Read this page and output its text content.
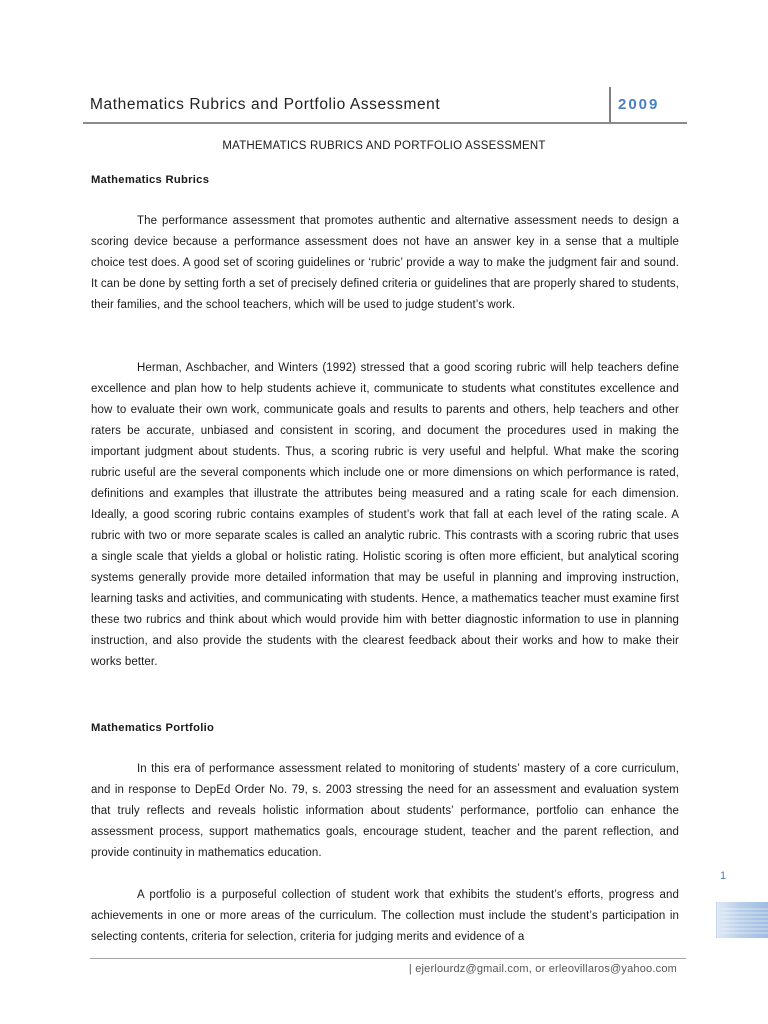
Mathematics Rubrics and Portfolio Assessment	2009
MATHEMATICS RUBRICS AND PORTFOLIO ASSESSMENT
Mathematics Rubrics

The performance assessment that promotes authentic and alternative assessment needs to design a scoring device because a performance assessment does not have an answer key in a sense that a multiple choice test does. A good set of scoring guidelines or ‘rubric’ provide a way to make the judgment fair and sound. It can be done by setting forth a set of precisely defined criteria or guidelines that are properly shared to students, their families, and the school teachers, which will be used to judge student’s work.

Herman, Aschbacher, and Winters (1992) stressed that a good scoring rubric will help teachers define excellence and plan how to help students achieve it, communicate to students what constitutes excellence and how to evaluate their own work, communicate goals and results to parents and others, help teachers and other raters be accurate, unbiased and consistent in scoring, and document the procedures used in making the important judgment about students. Thus, a scoring rubric is very useful and helpful. What make the scoring rubric useful are the several components which include one or more dimensions on which performance is rated, definitions and examples that illustrate the attributes being measured and a rating scale for each dimension. Ideally, a good scoring rubric contains examples of student’s work that fall at each level of the rating scale. A rubric with two or more separate scales is called an analytic rubric. This contrasts with a scoring rubric that uses a single scale that yields a global or holistic rating. Holistic scoring is often more efficient, but analytical scoring systems generally provide more detailed information that may be useful in planning and improving instruction, learning tasks and activities, and communicating with students. Hence, a mathematics teacher must examine first these two rubrics and think about which would provide him with better diagnostic information to use in planning instruction, and also provide the students with the clearest feedback about their works and how to make their works better.

Mathematics Portfolio

In this era of performance assessment related to monitoring of students’ mastery of a core curriculum, and in response to DepEd Order No. 79, s. 2003 stressing the need for an assessment and evaluation system that truly reflects and reveals holistic information about students’ performance, portfolio can enhance the assessment process, support mathematics goals, encourage student, teacher and the parent reflection, and provide continuity in mathematics education.

A portfolio is a purposeful collection of student work that exhibits the student’s efforts, progress and achievements in one or more areas of the curriculum. The collection must include the student’s participation in selecting contents, criteria for selection, criteria for judging merits and evidence of a

1
| ejerlourdz@gmail.com, or erleovillaros@yahoo.com
